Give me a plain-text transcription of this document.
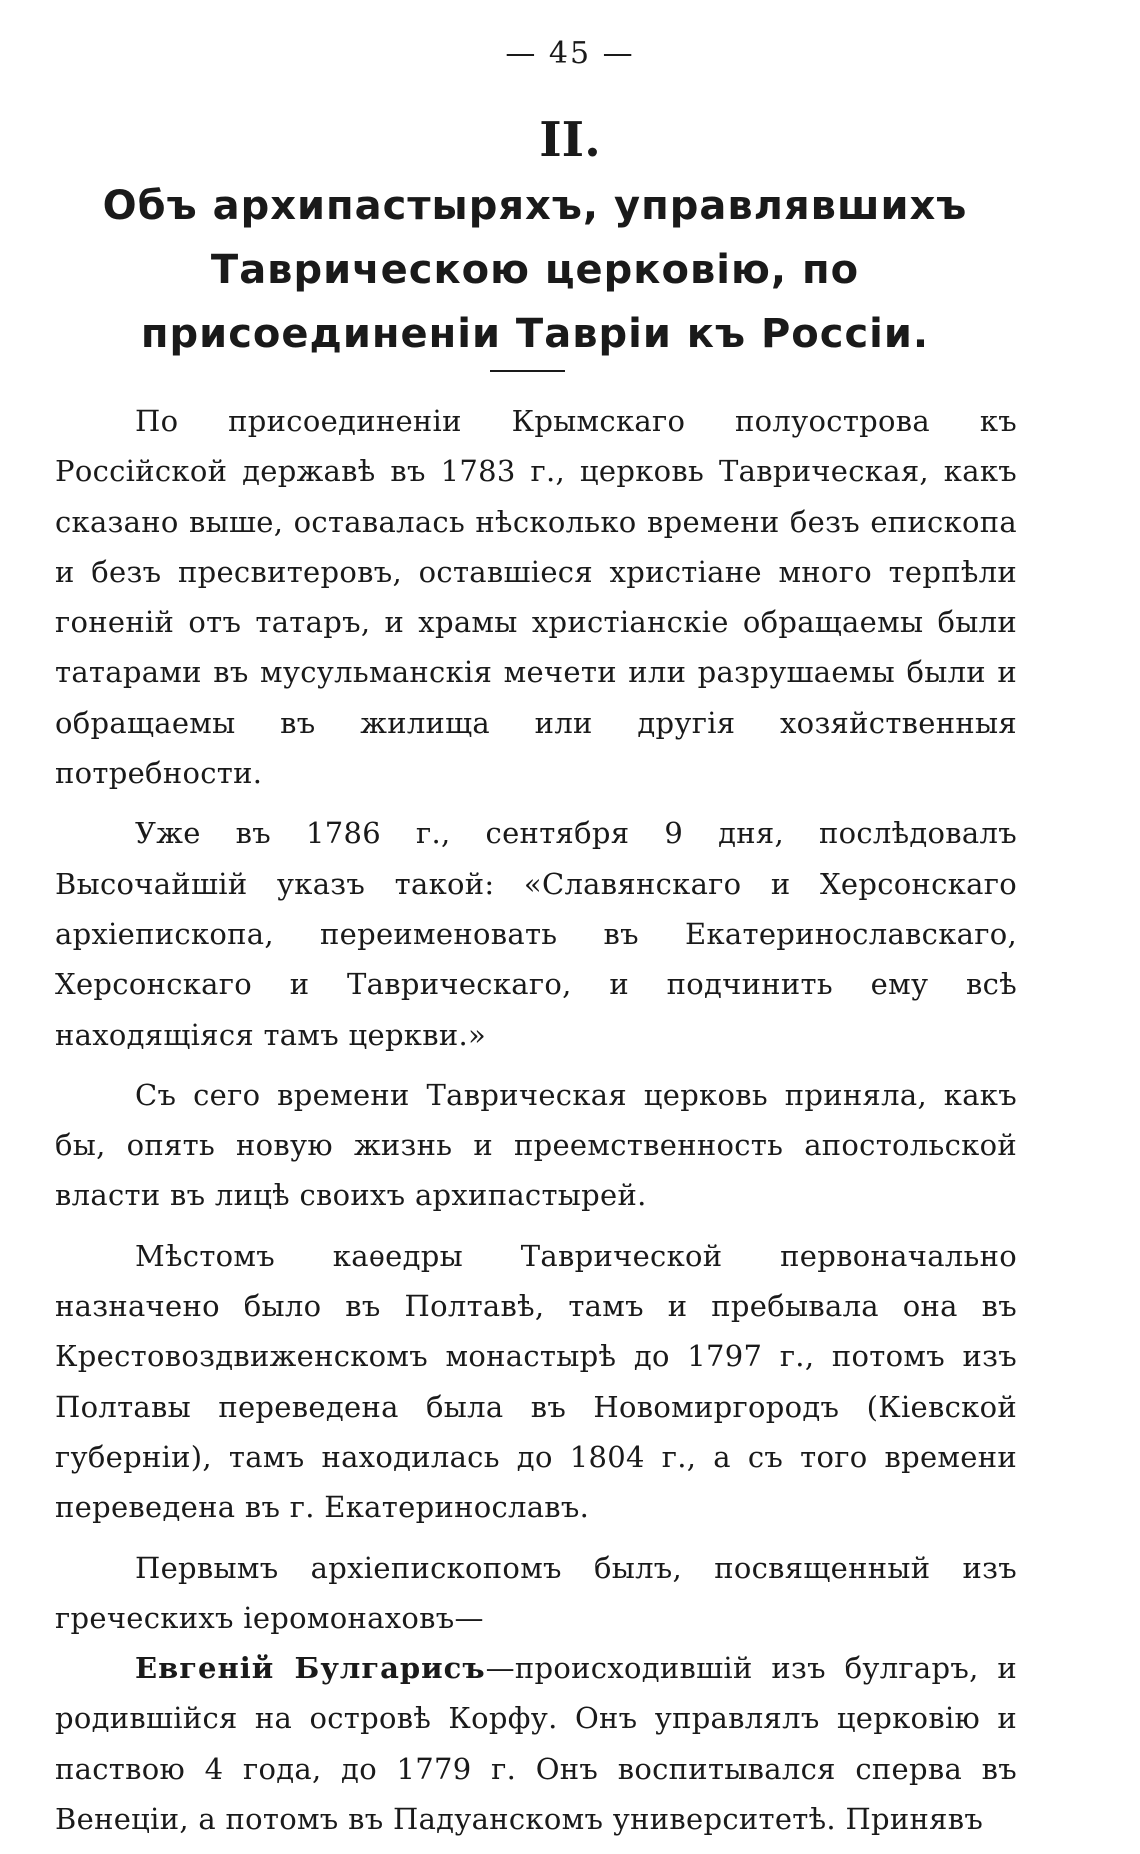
— 45 —
II.
Объ архипастыряхъ, управлявшихъ Таврическою церковію, по присоединеніи Тавріи къ Россіи.

По присоединеніи Крымскаго полуострова къ Россійской державѣ въ 1783 г., церковь Таврическая, какъ сказано выше, оставалась нѣсколько времени безъ епископа и безъ пресвитеровъ, оставшіеся христіане много терпѣли гоненій отъ татаръ, и храмы христіанскіе обращаемы были татарами въ мусульманскія мечети или разрушаемы были и обращаемы въ жилища или другія хозяйственныя потребности.

Уже въ 1786 г., сентября 9 дня, послѣдовалъ Высочайшій указъ такой: «Славянскаго и Херсонскаго архіепископа, переименовать въ Екатеринославскаго, Херсонскаго и Таврическаго, и подчинить ему всѣ находящіяся тамъ церкви.»

Съ сего времени Таврическая церковь приняла, какъ бы, опять новую жизнь и преемственность апостольской власти въ лицѣ своихъ архипастырей.

Мѣстомъ каѳедры Таврической первоначально назначено было въ Полтавѣ, тамъ и пребывала она въ Крестовоздвиженскомъ монастырѣ до 1797 г., потомъ изъ Полтавы переведена была въ Новомиргородъ (Кіевской губерніи), тамъ находилась до 1804 г., а съ того времени переведена въ г. Екатеринославъ.

Первымъ архіепископомъ былъ, посвященный изъ греческихъ іеромонаховъ—

Евгеній Булгарисъ—происходившій изъ булгаръ, и родившійся на островѣ Корфу. Онъ управлялъ церковію и паствою 4 года, до 1779 г. Онъ воспитывался сперва въ Венеціи, а потомъ въ Падуанскомъ университетѣ. Принявъ
